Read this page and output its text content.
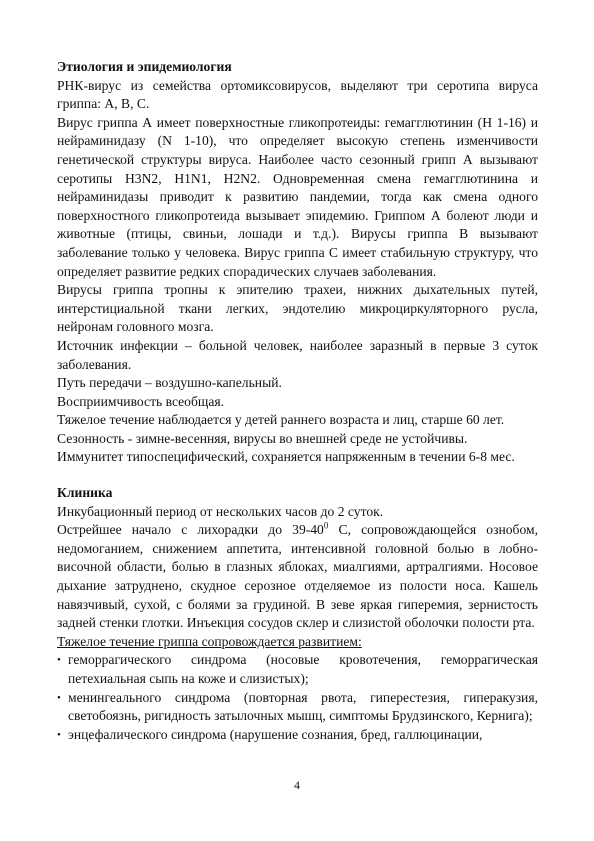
Этиология и эпидемиология

РНК-вирус из семейства ортомиксовирусов, выделяют три серотипа вируса гриппа: А, В, С.

Вирус гриппа А имеет поверхностные гликопротеиды: гемагглютинин (H 1-16) и нейраминидазу (N 1-10), что определяет высокую степень изменчивости генетической структуры вируса. Наиболее часто сезонный грипп А вызывают серотипы H3N2, H1N1, H2N2. Одновременная смена гемагглютинина и нейраминидазы приводит к развитию пандемии, тогда как смена одного поверхностного гликопротеида вызывает эпидемию. Гриппом А болеют люди и животные (птицы, свиньи, лошади и т.д.). Вирусы гриппа В вызывают заболевание только у человека. Вирус гриппа С имеет стабильную структуру, что определяет развитие редких спорадических случаев заболевания.

Вирусы гриппа тропны к эпителию трахеи, нижних дыхательных путей, интерстициальной ткани легких, эндотелию микроциркуляторного русла, нейронам головного мозга.

Источник инфекции – больной человек, наиболее заразный в первые 3 суток заболевания.

Путь передачи – воздушно-капельный.

Восприимчивость всеобщая.

Тяжелое течение наблюдается у детей раннего возраста и лиц, старше 60 лет.

Сезонность - зимне-весенняя, вирусы во внешней среде не устойчивы.

Иммунитет типоспецифический, сохраняется напряженным в течении 6-8 мес.

Клиника

Инкубационный период от нескольких часов до 2 суток.

Острейшее начало с лихорадки до $39-40^0$ С, сопровождающейся ознобом, недомоганием, снижением аппетита, интенсивной головной болью в лобно-височной области, болью в глазных яблоках, миалгиями, артралгиями. Носовое дыхание затруднено, скудное серозное отделяемое из полости носа. Кашель навязчивый, сухой, с болями за грудиной. В зеве яркая гиперемия, зернистость задней стенки глотки. Инъекция сосудов склер и слизистой оболочки полости рта.

Тяжелое течение гриппа сопровождается развитием:

• геморрагического синдрома (носовые кровотечения, геморрагическая петехиальная сыпь на коже и слизистых);
• менингеального синдрома (повторная рвота, гиперестезия, гиперакузия, светобоязнь, ригидность затылочных мышц, симптомы Брудзинского, Кернига);
• энцефалического синдрома (нарушение сознания, бред, галлюцинации,
4
